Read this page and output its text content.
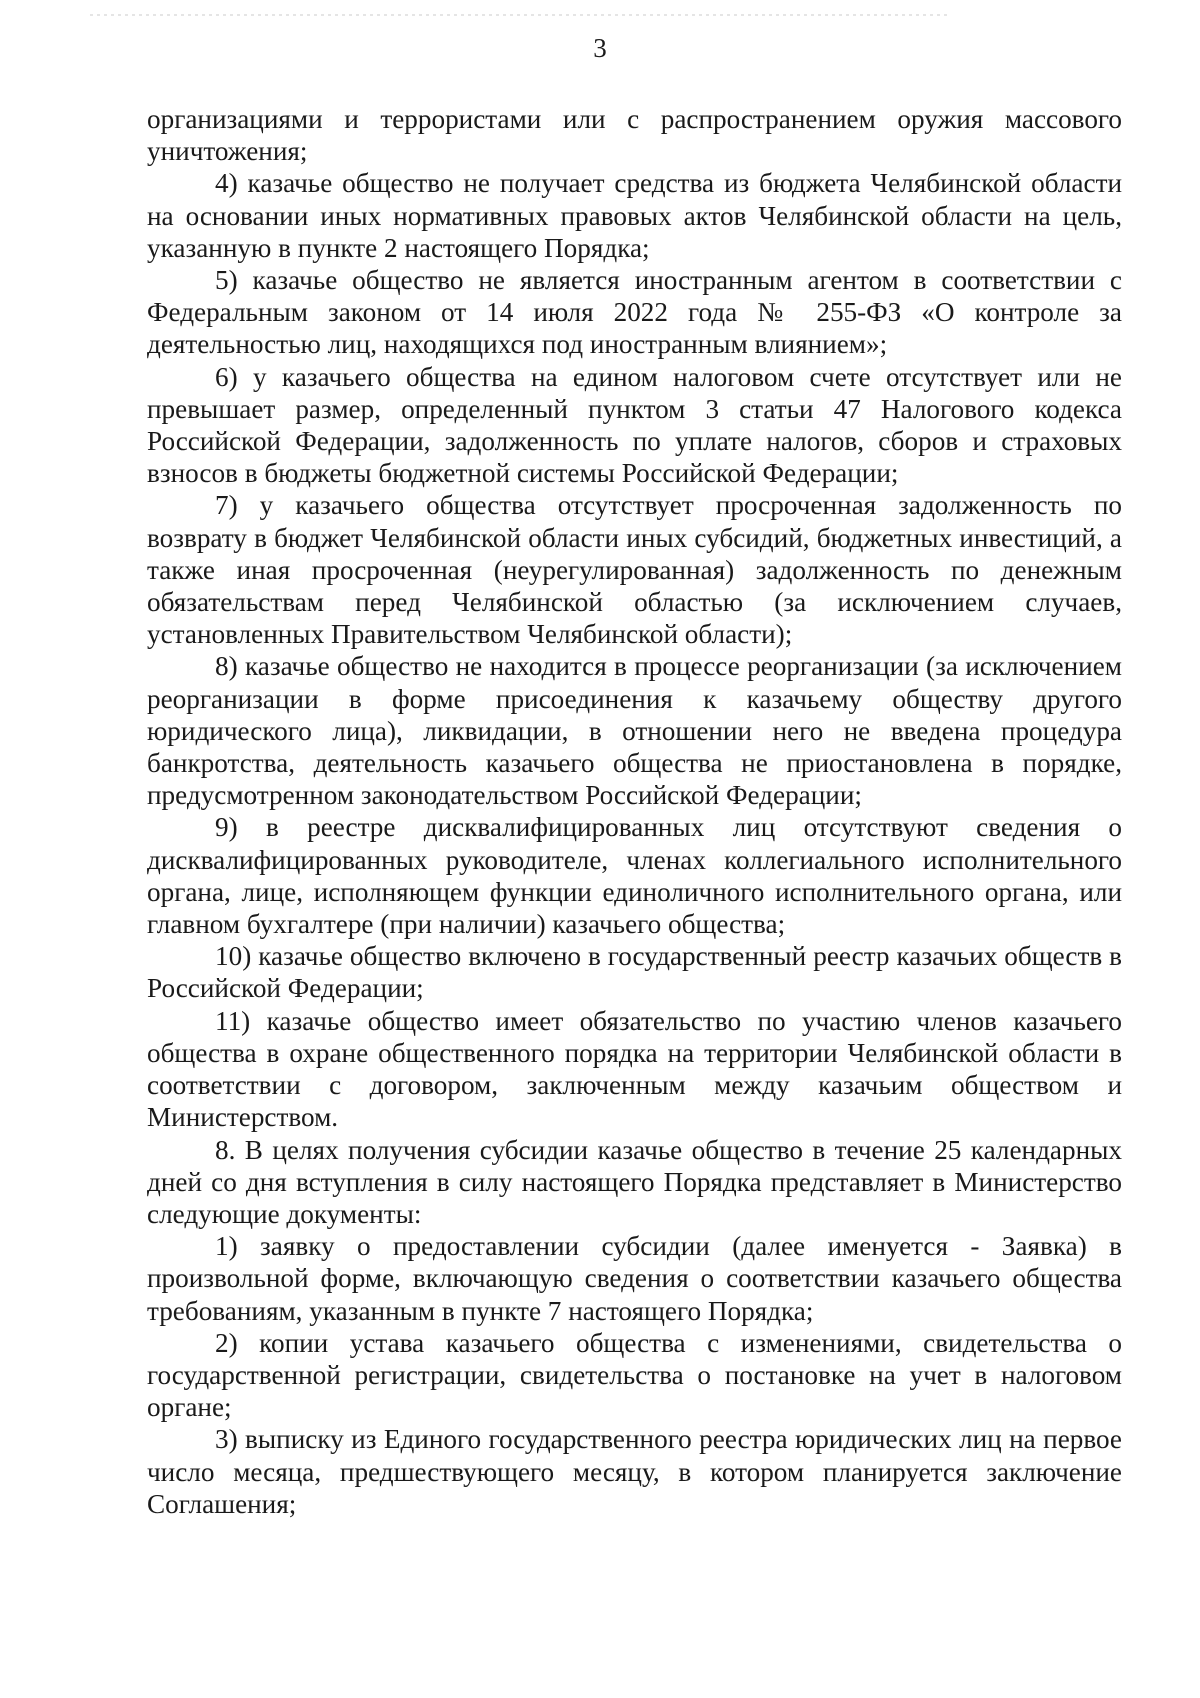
3

организациями и террористами или с распространением оружия массового уничтожения;

4) казачье общество не получает средства из бюджета Челябинской области на основании иных нормативных правовых актов Челябинской области на цель, указанную в пункте 2 настоящего Порядка;

5) казачье общество не является иностранным агентом в соответствии с Федеральным законом от 14 июля 2022 года № 255-ФЗ «О контроле за деятельностью лиц, находящихся под иностранным влиянием»;

6) у казачьего общества на едином налоговом счете отсутствует или не превышает размер, определенный пунктом 3 статьи 47 Налогового кодекса Российской Федерации, задолженность по уплате налогов, сборов и страховых взносов в бюджеты бюджетной системы Российской Федерации;

7) у казачьего общества отсутствует просроченная задолженность по возврату в бюджет Челябинской области иных субсидий, бюджетных инвестиций, а также иная просроченная (неурегулированная) задолженность по денежным обязательствам перед Челябинской областью (за исключением случаев, установленных Правительством Челябинской области);

8) казачье общество не находится в процессе реорганизации (за исключением реорганизации в форме присоединения к казачьему обществу другого юридического лица), ликвидации, в отношении него не введена процедура банкротства, деятельность казачьего общества не приостановлена в порядке, предусмотренном законодательством Российской Федерации;

9) в реестре дисквалифицированных лиц отсутствуют сведения о дисквалифицированных руководителе, членах коллегиального исполнительного органа, лице, исполняющем функции единоличного исполнительного органа, или главном бухгалтере (при наличии) казачьего общества;

10) казачье общество включено в государственный реестр казачьих обществ в Российской Федерации;

11) казачье общество имеет обязательство по участию членов казачьего общества в охране общественного порядка на территории Челябинской области в соответствии с договором, заключенным между казачьим обществом и Министерством.

8. В целях получения субсидии казачье общество в течение 25 календарных дней со дня вступления в силу настоящего Порядка представляет в Министерство следующие документы:

1) заявку о предоставлении субсидии (далее именуется - Заявка) в произвольной форме, включающую сведения о соответствии казачьего общества требованиям, указанным в пункте 7 настоящего Порядка;

2) копии устава казачьего общества с изменениями, свидетельства о государственной регистрации, свидетельства о постановке на учет в налоговом органе;

3) выписку из Единого государственного реестра юридических лиц на первое число месяца, предшествующего месяцу, в котором планируется заключение Соглашения;
